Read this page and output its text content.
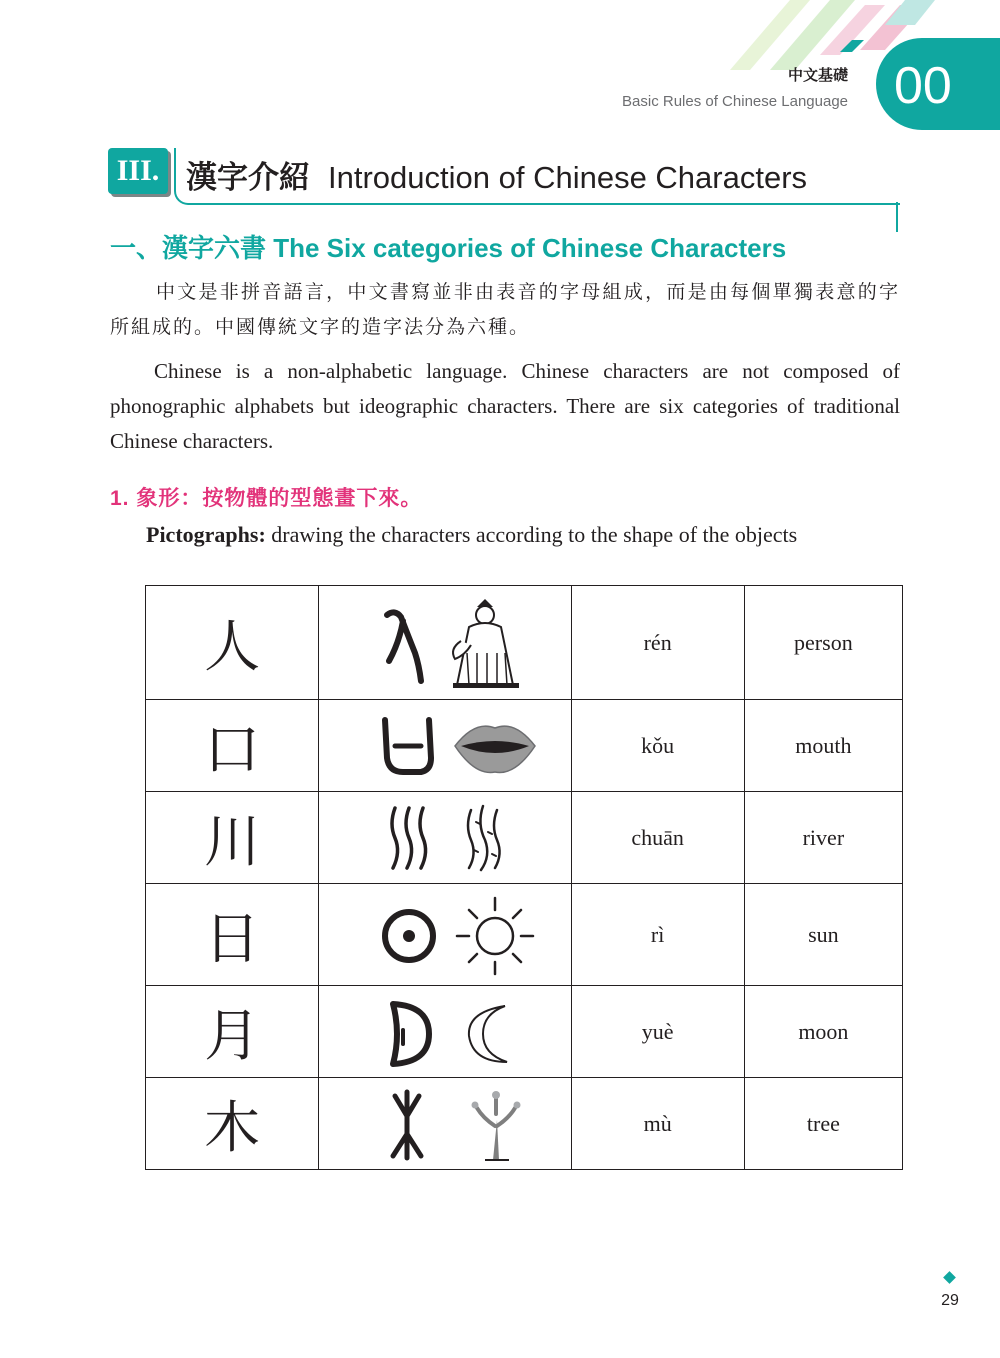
中文基礎
Basic Rules of Chinese Language 00
III. 漢字介紹 Introduction of Chinese Characters
一、漢字六書 The Six categories of Chinese Characters
中文是非拼音語言，中文書寫並非由表音的字母組成，而是由每個單獨表意的字所組成的。中國傳統文字的造字法分為六種。
Chinese is a non-alphabetic language. Chinese characters are not composed of phonographic alphabets but ideographic characters. There are six categories of traditional Chinese characters.
1. 象形：按物體的型態畫下來。
Pictographs: drawing the characters according to the shape of the objects
人		rén	person
口		kǒu	mouth
川		chuān	river
日		rì	sun
月		yuè	moon
木		mù	tree
29
